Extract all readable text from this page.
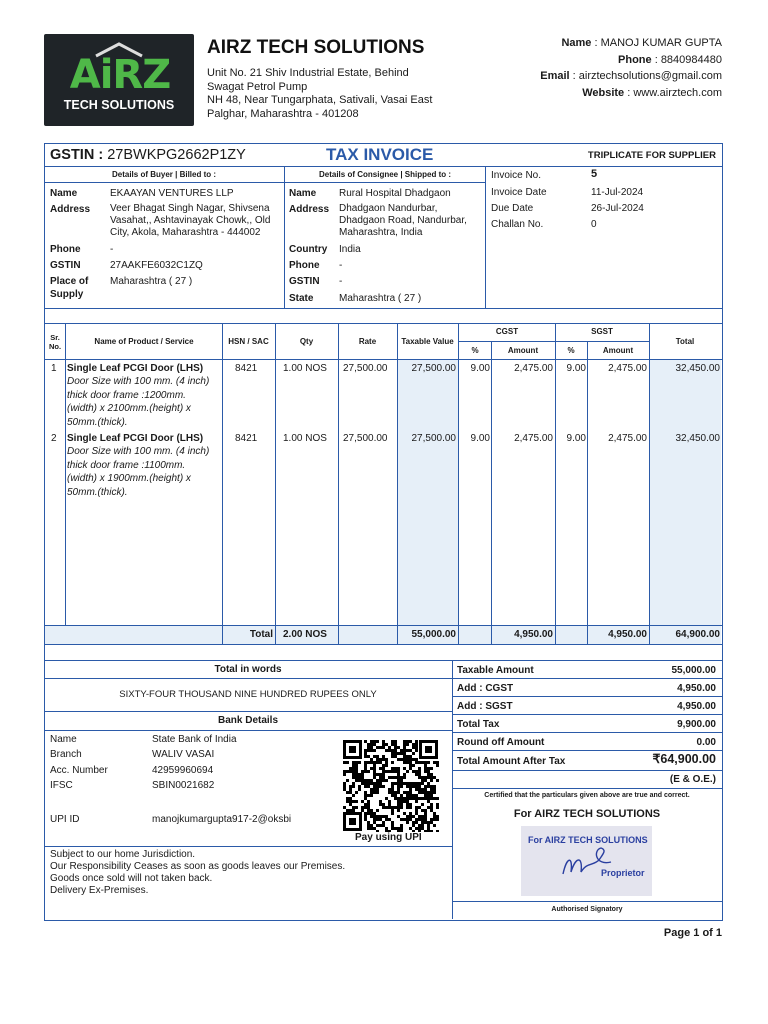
AiRZ
TECH SOLUTIONS
AIRZ TECH SOLUTIONS
Unit No. 21 Shiv Industrial Estate, Behind
Swagat Petrol Pump
NH 48, Near Tungarphata, Sativali, Vasai East
Palghar, Maharashtra - 401208
Name : MANOJ KUMAR GUPTA
Phone : 8840984480
Email : airztechsolutions@gmail.com
Website : www.airztech.com
GSTIN : 27BWKPG2662P1ZY	TAX INVOICE	TRIPLICATE FOR SUPPLIER
Details of Buyer | Billed to :	Details of Consignee | Shipped to :
Name	EKAAYAN VENTURES LLP
Address Veer Bhagat Singh Nagar, Shivsena
Vasahat,, Ashtavinayak Chowk,, Old
City, Akola, Maharashtra - 444002
Phone	-
GSTIN	27AAKFE6032C1ZQ
Place of
Supply
Maharashtra ( 27 )
Name Rural Hospital Dhadgaon
Address Dhadgaon Nandurbar,
Dhadgaon Road, Nandurbar,
Maharashtra, India
Country India
Phone -
GSTIN -
State	Maharashtra ( 27 )
Invoice No.	5
Invoice Date	11-Jul-2024
Due Date	26-Jul-2024
Challan No.	0
Sr.
No.
Name of Product / Service	HSN / SAC	Qty	Rate	Taxable Value
CGST	SGST
%	Amount	%	Amount
Total
1 Single Leaf PCGI Door (LHS)
Door Size with 100 mm. (4 inch)
thick door frame :1200mm.
(width) x 2100mm.(height) x
50mm.(thick).
8421	1.00 NOS 27,500.00	27,500.00	9.00	2,475.00	9.00	2,475.00	32,450.00
2 Single Leaf PCGI Door (LHS)
Door Size with 100 mm. (4 inch)
thick door frame :1100mm.
(width) x 1900mm.(height) x
50mm.(thick).
8421	1.00 NOS 27,500.00	27,500.00	9.00	2,475.00	9.00	2,475.00	32,450.00
Total 2.00 NOS	55,000.00	4,950.00	4,950.00	64,900.00
Total in words
SIXTY-FOUR THOUSAND NINE HUNDRED RUPEES ONLY
Bank Details
Name	State Bank of India
Branch	WALIV VASAI
Acc. Number	42959960694
IFSC	SBIN0021682
UPI ID	manojkumargupta917-2@oksbi
Pay using UPI
Subject to our home Jurisdiction.
Our Responsibility Ceases as soon as goods leaves our Premises.
Goods once sold will not taken back.
Delivery Ex-Premises.
Taxable Amount	55,000.00
Add : CGST	4,950.00
Add : SGST	4,950.00
Total Tax	9,900.00
Round off Amount	0.00
Total Amount After Tax	₹64,900.00
(E & O.E.)
Certified that the particulars given above are true and correct.
For AIRZ TECH SOLUTIONS
For AIRZ TECH SOLUTIONS
Proprietor
Authorised Signatory
Page 1 of 1
